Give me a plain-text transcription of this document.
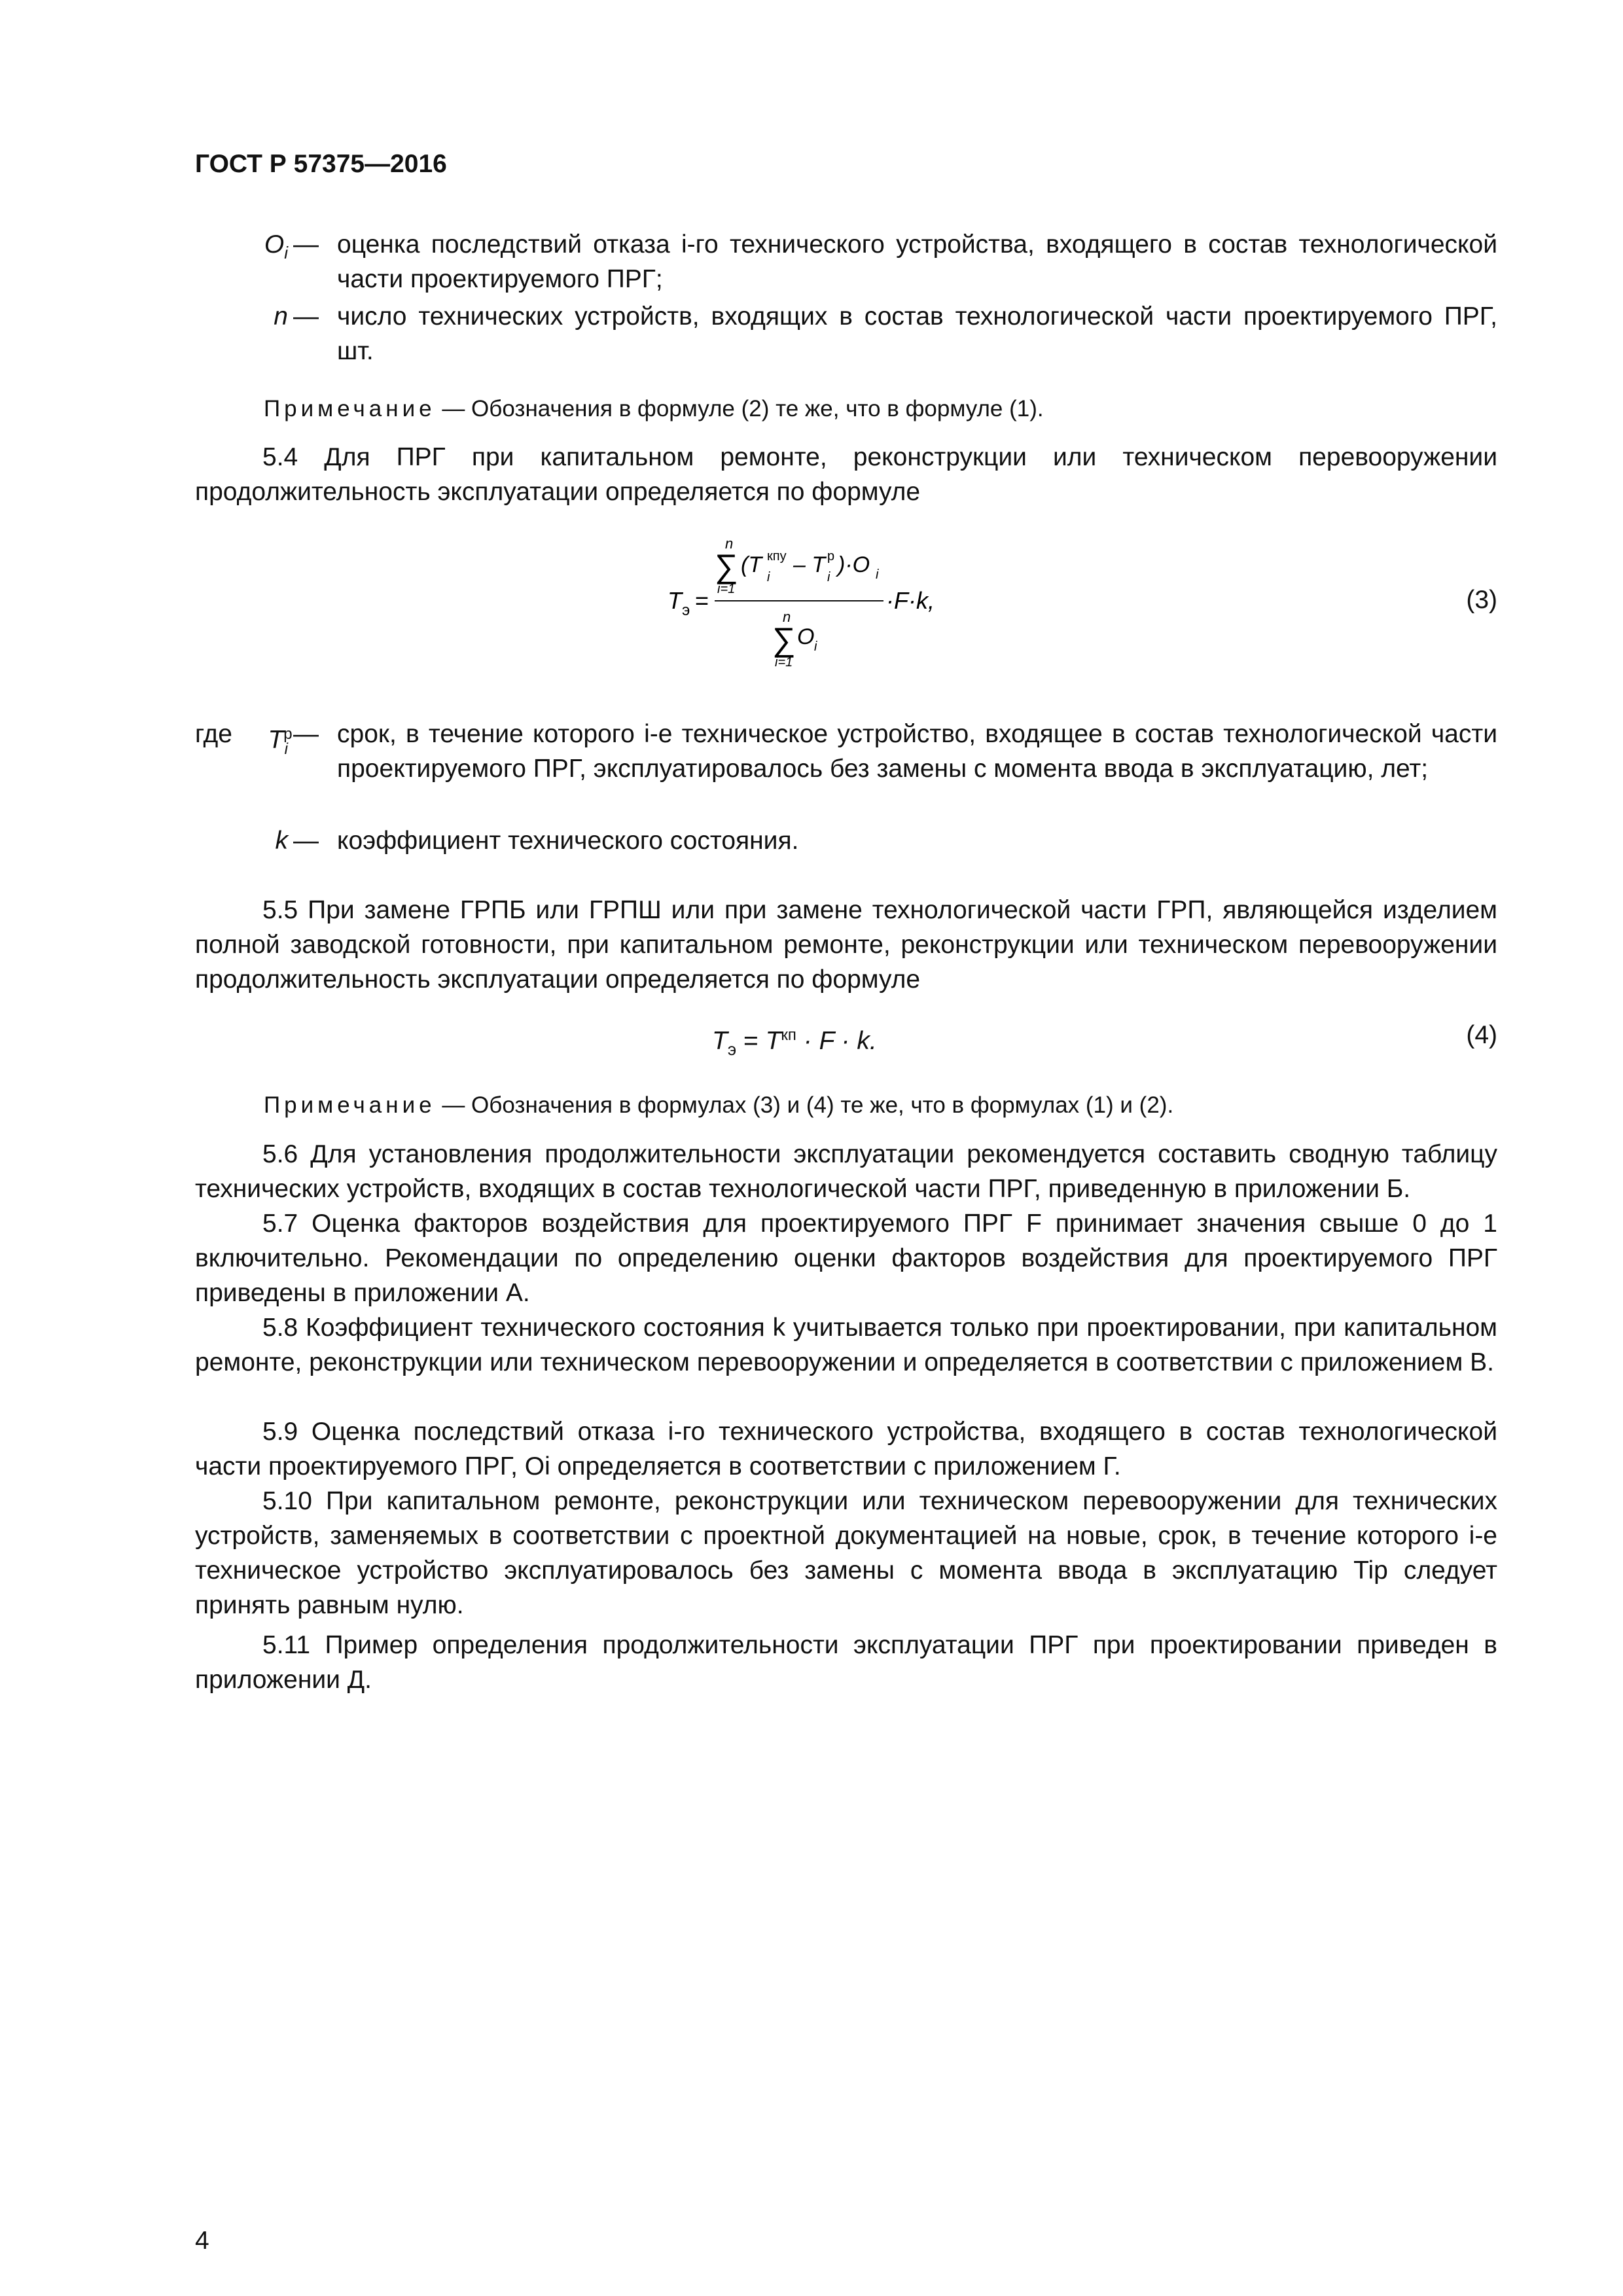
ГОСТ Р 57375—2016
$O_i$ — оценка последствий отказа i-го технического устройства, входящего в состав технологической части проектируемого ПРГ;
n — число технических устройств, входящих в состав технологической части проектируемого ПРГ, шт.
Примечание — Обозначения в формуле (2) те же, что в формуле (1).
5.4 Для ПРГ при капитальном ремонте, реконструкции или техническом перевооружении продолжительность эксплуатации определяется по формуле
T э =
n
∑
i=1
(T кпу
i – T р
i )·O i
n
∑
i=1
O i
·F·k,	(3)
где	$T^р_i$
— срок, в течение которого i-е техническое устройство, входящее в состав технологической части проектируемого ПРГ, эксплуатировалось без замены с момента ввода в эксплуатацию, лет;
k — коэффициент технического состояния.
5.5 При замене ГРПБ или ГРПШ или при замене технологической части ГРП, являющейся изделием полной заводской готовности, при капитальном ремонте, реконструкции или техническом перевооружении продолжительность эксплуатации определяется по формуле
$T_э = T^{кп} \cdot F \cdot k$.	(4)
Примечание — Обозначения в формулах (3) и (4) те же, что в формулах (1) и (2).
5.6 Для установления продолжительности эксплуатации рекомендуется составить сводную таблицу технических устройств, входящих в состав технологической части ПРГ, приведенную в приложении Б.
5.7 Оценка факторов воздействия для проектируемого ПРГ F принимает значения свыше 0 до 1 включительно. Рекомендации по определению оценки факторов воздействия для проектируемого ПРГ приведены в приложении А.
5.8 Коэффициент технического состояния k учитывается только при проектировании, при капитальном ремонте, реконструкции или техническом перевооружении и определяется в соответствии с приложением В.
5.9 Оценка последствий отказа i-го технического устройства, входящего в состав технологической части проектируемого ПРГ, Oi определяется в соответствии с приложением Г.
5.10 При капитальном ремонте, реконструкции или техническом перевооружении для технических устройств, заменяемых в соответствии с проектной документацией на новые, срок, в течение которого i-е техническое устройство эксплуатировалось без замены с момента ввода в эксплуатацию Tiр следует принять равным нулю.
5.11 Пример определения продолжительности эксплуатации ПРГ при проектировании приведен в приложении Д.
4
